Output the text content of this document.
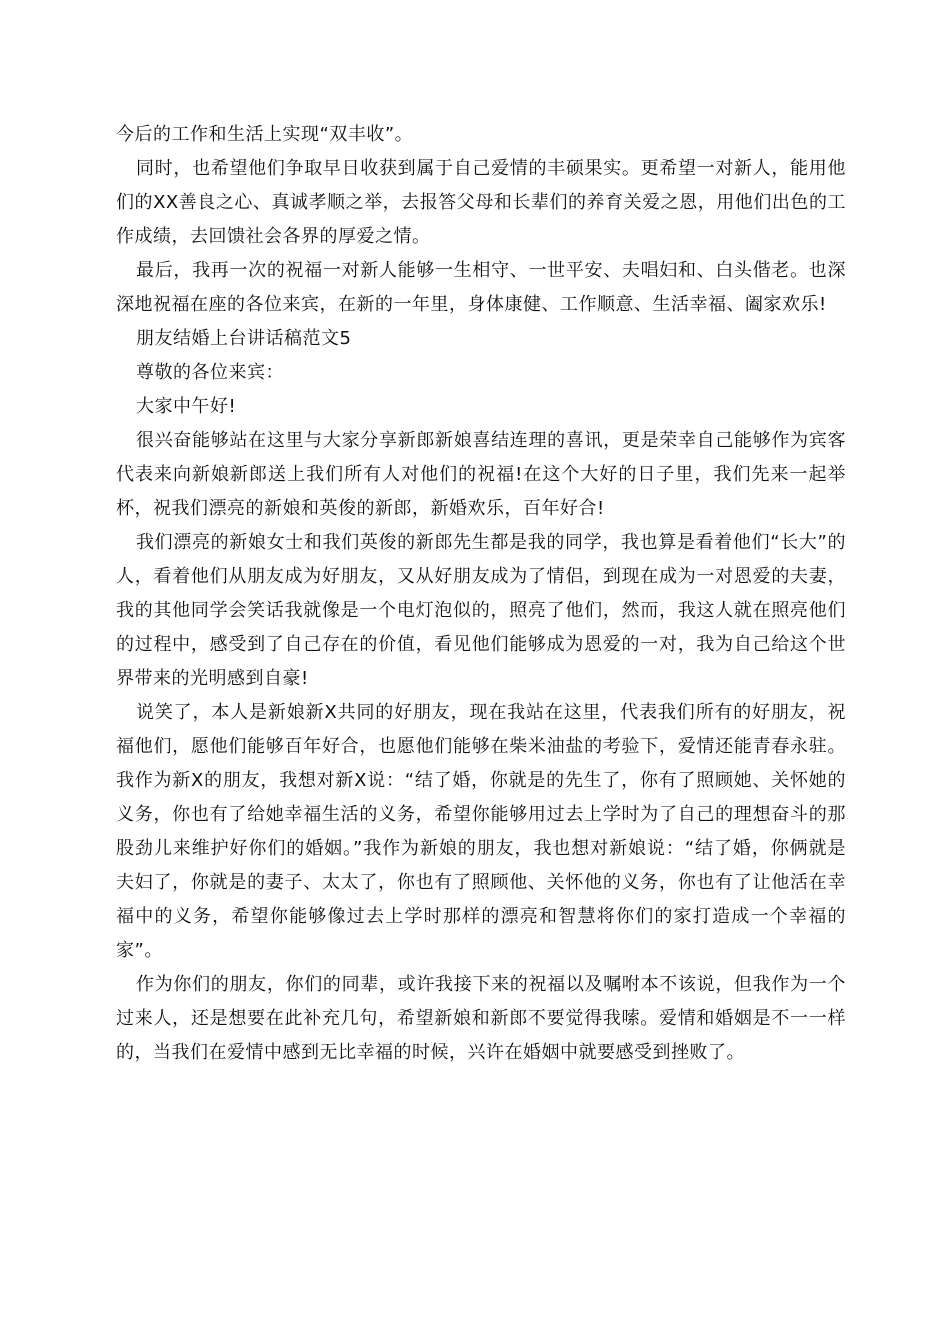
今后的工作和生活上实现“双丰收”。

同时，也希望他们争取早日收获到属于自己爱情的丰硕果实。更希望一对新人，能用他们的XX善良之心、真诚孝顺之举，去报答父母和长辈们的养育关爱之恩，用他们出色的工作成绩，去回馈社会各界的厚爱之情。

最后，我再一次的祝福一对新人能够一生相守、一世平安、夫唱妇和、白头偕老。也深深地祝福在座的各位来宾，在新的一年里，身体康健、工作顺意、生活幸福、阖家欢乐!

朋友结婚上台讲话稿范文5

尊敬的各位来宾：

大家中午好!

很兴奋能够站在这里与大家分享新郎新娘喜结连理的喜讯，更是荣幸自己能够作为宾客代表来向新娘新郎送上我们所有人对他们的祝福!在这个大好的日子里，我们先来一起举杯，祝我们漂亮的新娘和英俊的新郎，新婚欢乐，百年好合!

我们漂亮的新娘女士和我们英俊的新郎先生都是我的同学，我也算是看着他们“长大”的人，看着他们从朋友成为好朋友，又从好朋友成为了情侣，到现在成为一对恩爱的夫妻，我的其他同学会笑话我就像是一个电灯泡似的，照亮了他们，然而，我这人就在照亮他们的过程中，感受到了自己存在的价值，看见他们能够成为恩爱的一对，我为自己给这个世界带来的光明感到自豪!

说笑了，本人是新娘新X共同的好朋友，现在我站在这里，代表我们所有的好朋友，祝福他们，愿他们能够百年好合，也愿他们能够在柴米油盐的考验下，爱情还能青春永驻。我作为新X的朋友，我想对新X说：“结了婚，你就是的先生了，你有了照顾她、关怀她的义务，你也有了给她幸福生活的义务，希望你能够用过去上学时为了自己的理想奋斗的那股劲儿来维护好你们的婚姻。”我作为新娘的朋友，我也想对新娘说：“结了婚，你俩就是夫妇了，你就是的妻子、太太了，你也有了照顾他、关怀他的义务，你也有了让他活在幸福中的义务，希望你能够像过去上学时那样的漂亮和智慧将你们的家打造成一个幸福的家”。

作为你们的朋友，你们的同辈，或许我接下来的祝福以及嘱咐本不该说，但我作为一个过来人，还是想要在此补充几句，希望新娘和新郎不要觉得我嗦。爱情和婚姻是不一一样的，当我们在爱情中感到无比幸福的时候，兴许在婚姻中就要感受到挫败了。
